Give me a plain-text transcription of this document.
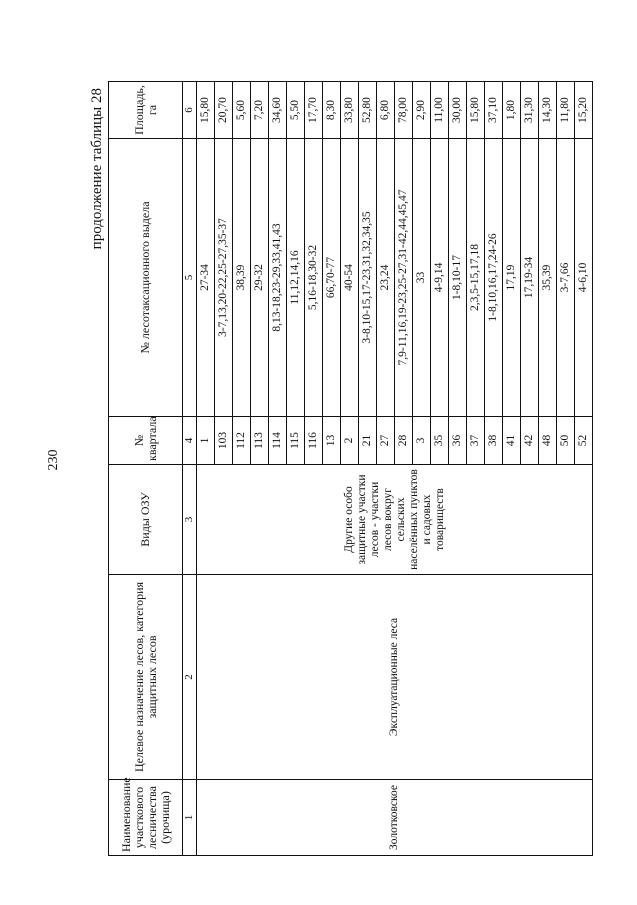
230
продолжение таблицы 28
Наименование участкового лесничества (урочища)	Целевое назначение лесов, категория защитных лесов	Виды ОЗУ	№ квартала	№ лесотаксационного выдела	Площадь, га
1	2	3	4	5	6
Золотковское	Эксплуатационные леса	Другие особо защитные участки лесов - участки лесов вокруг сельских населённых пунктов и садовых товариществ	1	27-34	15,80
			103	3-7,13,20-22,25-27,35-37	20,70
			112	38,39	5,60
			113	29-32	7,20
			114	8,13-18,23-29,33,41,43	34,60
			115	11,12,14,16	5,50
			116	5,16-18,30-32	17,70
			13	66,70-77	8,30
			2	40-54	33,80
			21	3-8,10-15,17-23,31,32,34,35	52,80
			27	23,24	6,80
			28	7,9-11,16,19-23,25-27,31-42,44,45,47	78,00
			3	33	2,90
			35	4-9,14	11,00
			36	1-8,10-17	30,00
			37	2,3,5-15,17,18	15,80
			38	1-8,10,16,17,24-26	37,10
			41	17,19	1,80
			42	17,19-34	31,30
			48	35,39	14,30
			50	3-7,66	11,80
			52	4-6,10	15,20
